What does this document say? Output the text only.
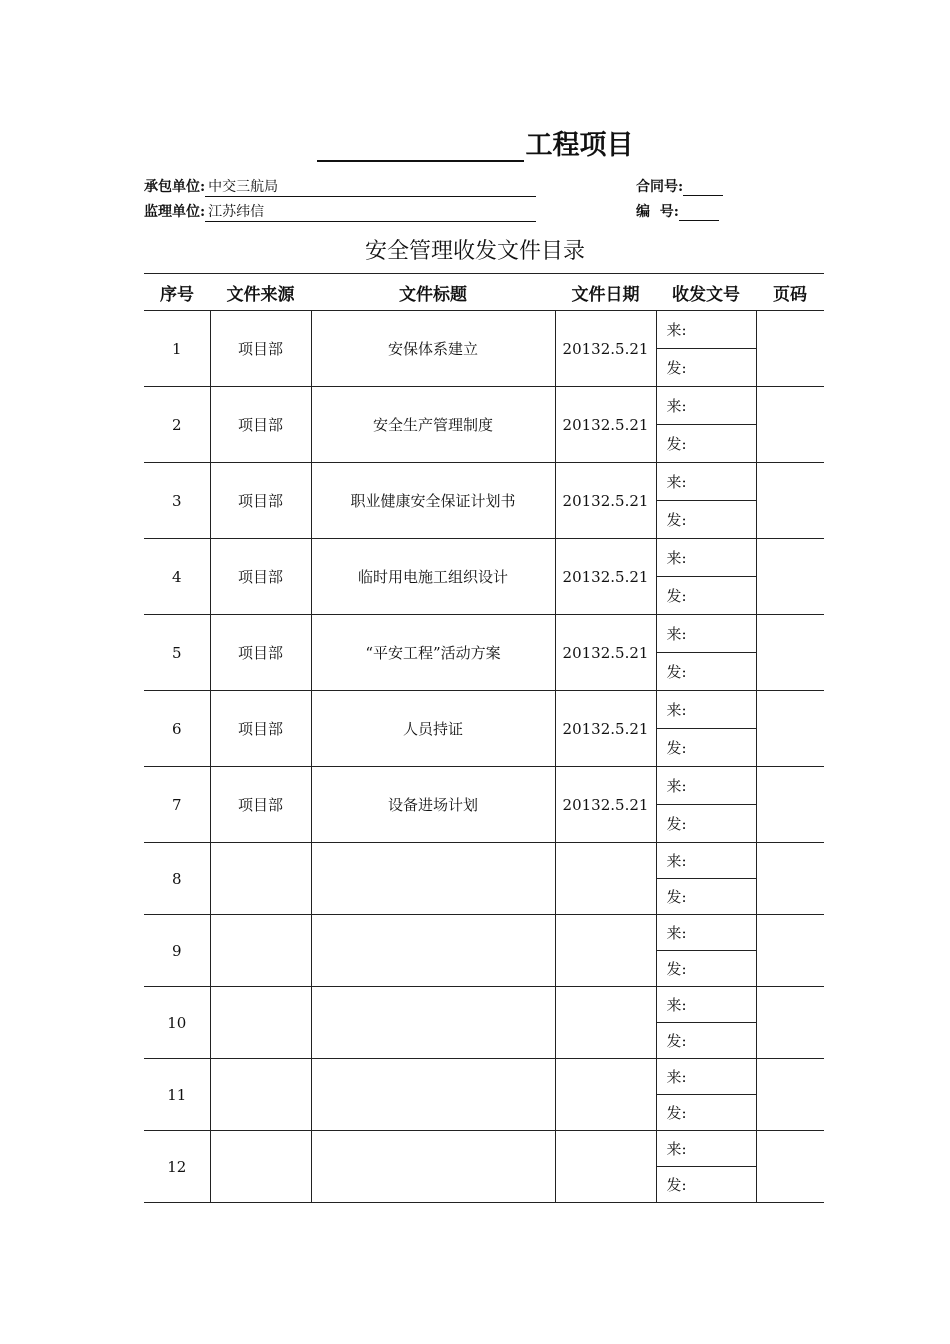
工程项目
承包单位: 中交三航局	合同号:
监理单位: 江苏纬信	编  号:
安全管理收发文件目录
序号	文件来源	文件标题	文件日期	收发文号	页码
1	项目部	安保体系建立	20132.5.21	来:	
				发:	
2	项目部	安全生产管理制度	20132.5.21	来:	
				发:	
3	项目部	职业健康安全保证计划书	20132.5.21	来:	
				发:	
4	项目部	临时用电施工组织设计	20132.5.21	来:	
				发:	
5	项目部	“平安工程”活动方案	20132.5.21	来:	
				发:	
6	项目部	人员持证	20132.5.21	来:	
				发:	
7	项目部	设备进场计划	20132.5.21	来:	
				发:	
8				来:	
				发:	
9				来:	
				发:	
10				来:	
				发:	
11				来:	
				发:	
12				来:	
				发:	
